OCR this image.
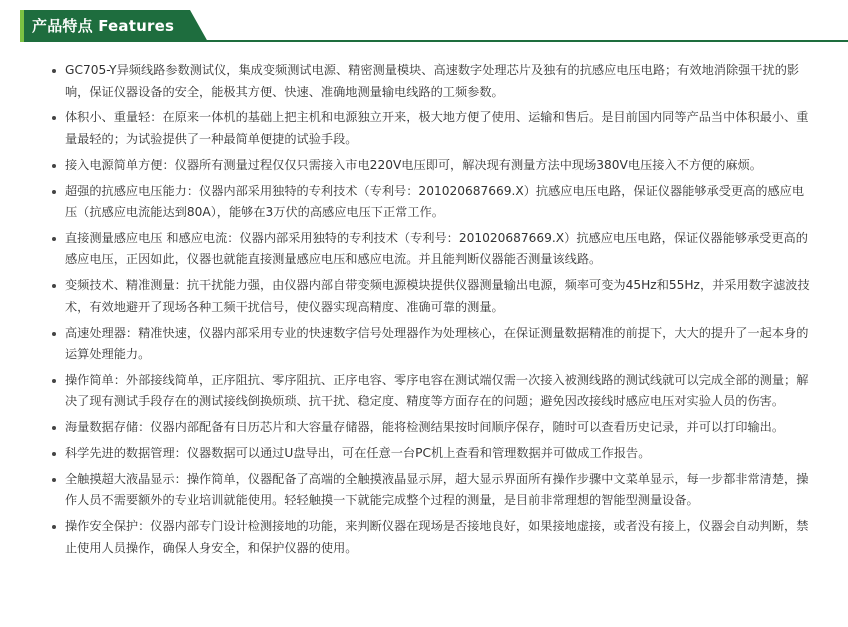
产品特点 Features
GC705-Y异频线路参数测试仪，集成变频测试电源、精密测量模块、高速数字处理芯片及独有的抗感应电压电路；有效地消除强干扰的影响，保证仪器设备的安全，能极其方便、快速、准确地测量输电线路的工频参数。
体积小、重量轻：在原来一体机的基础上把主机和电源独立开来，极大地方便了使用、运输和售后。是目前国内同等产品当中体积最小、重量最轻的；为试验提供了一种最简单便捷的试验手段。
接入电源简单方便：仪器所有测量过程仅仅只需接入市电220V电压即可，解决现有测量方法中现场380V电压接入不方便的麻烦。
超强的抗感应电压能力：仪器内部采用独特的专利技术（专利号：201020687669.X）抗感应电压电路，保证仪器能够承受更高的感应电压（抗感应电流能达到80A），能够在3万伏的高感应电压下正常工作。
直接测量感应电压 和感应电流：仪器内部采用独特的专利技术（专利号：201020687669.X）抗感应电压电路，保证仪器能够承受更高的感应电压，正因如此，仪器也就能直接测量感应电压和感应电流。并且能判断仪器能否测量该线路。
变频技术、精准测量：抗干扰能力强，由仪器内部自带变频电源模块提供仪器测量输出电源，频率可变为45Hz和55Hz，并采用数字滤波技术，有效地避开了现场各种工频干扰信号，使仪器实现高精度、准确可靠的测量。
高速处理器：精准快速，仪器内部采用专业的快速数字信号处理器作为处理核心，在保证测量数据精准的前提下，大大的提升了一起本身的运算处理能力。
操作简单：外部接线简单，正序阻抗、零序阻抗、正序电容、零序电容在测试端仅需一次接入被测线路的测试线就可以完成全部的测量；解决了现有测试手段存在的测试接线倒换烦琐、抗干扰、稳定度、精度等方面存在的问题；避免因改接线时感应电压对实验人员的伤害。
海量数据存储：仪器内部配备有日历芯片和大容量存储器，能将检测结果按时间顺序保存，随时可以查看历史记录，并可以打印输出。
科学先进的数据管理：仪器数据可以通过U盘导出，可在任意一台PC机上查看和管理数据并可做成工作报告。
全触摸超大液晶显示：操作简单，仪器配备了高端的全触摸液晶显示屏，超大显示界面所有操作步骤中文菜单显示，每一步都非常清楚，操作人员不需要额外的专业培训就能使用。轻轻触摸一下就能完成整个过程的测量，是目前非常理想的智能型测量设备。
操作安全保护：仪器内部专门设计检测接地的功能，来判断仪器在现场是否接地良好，如果接地虚接，或者没有接上，仪器会自动判断，禁止使用人员操作，确保人身安全，和保护仪器的使用。
